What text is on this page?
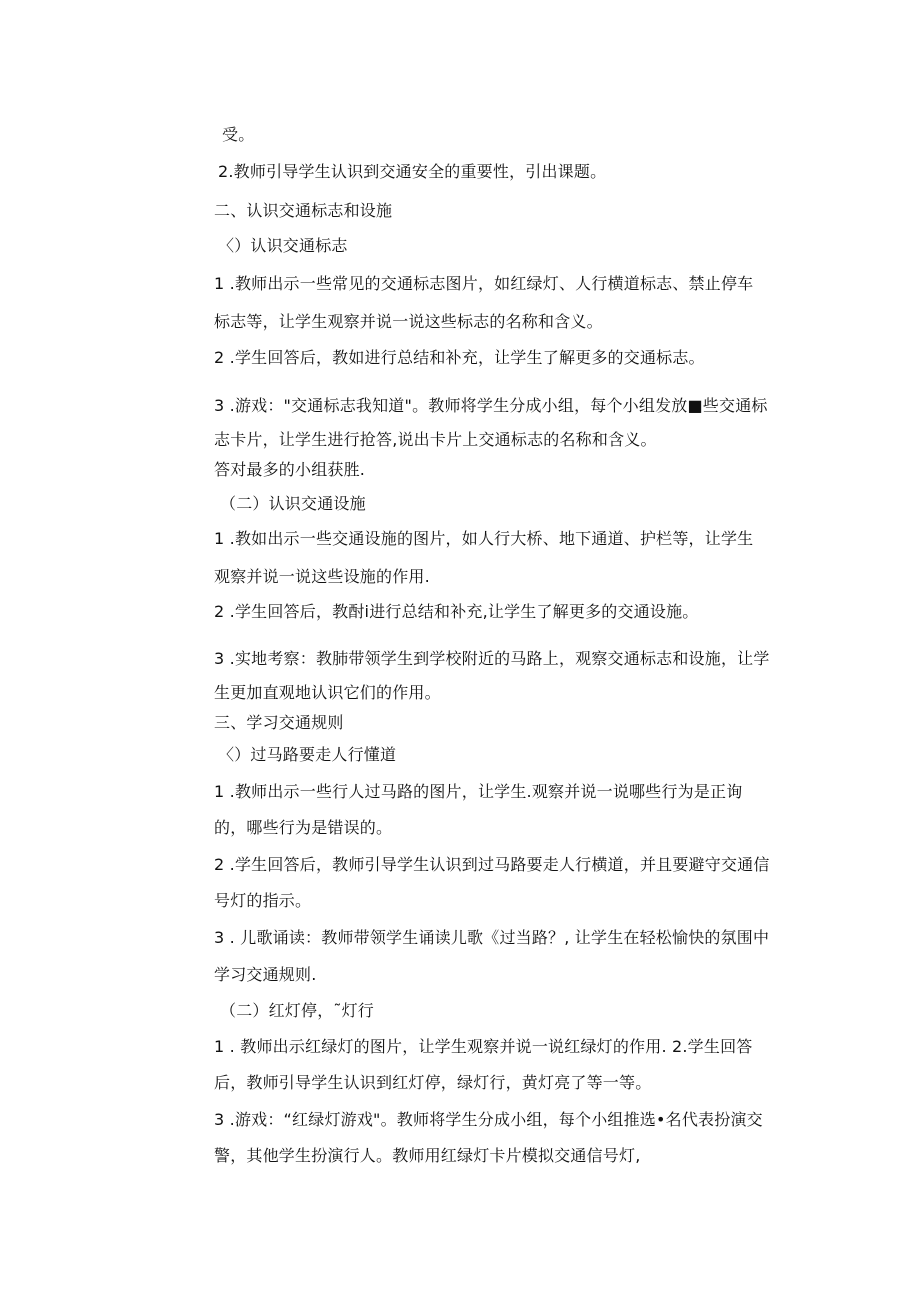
受。
2.教师引导学生认识到交通安全的重要性，引出课题。
二、认识交通标志和设施
〈）认识交通标志
1 .教师出示一些常见的交通标志图片，如红绿灯、人行横道标志、禁止停车
标志等，让学生观察并说一说这些标志的名称和含义。
2 .学生回答后，教如进行总结和补充，让学生了解更多的交通标志。
3 .游戏："交通标志我知道"。教师将学生分成小组，每个小组发放■些交通标
志卡片，让学生进行抢答,说出卡片上交通标志的名称和含义。
答对最多的小组获胜.
（二）认识交通设施
1 .教如出示一些交通设施的图片，如人行大桥、地下通道、护栏等，让学生
观察并说一说这些设施的作用.
2 .学生回答后，教酎i进行总结和补充,让学生了解更多的交通设施。
3 .实地考察：教肺带领学生到学校附近的马路上，观察交通标志和设施，让学
生更加直观地认识它们的作用。
三、学习交通规则
〈）过马路要走人行懂道
1 .教师出示一些行人过马路的图片，让学生.观察并说一说哪些行为是正询
的，哪些行为是错误的。
2 .学生回答后，教师引导学生认识到过马路要走人行横道，并且要避守交通信
号灯的指示。
3 . 儿歌诵读：教师带领学生诵读儿歌《过当路？, 让学生在轻松愉快的氛围中
学习交通规则.
（二）红灯停，˜灯行
1 . 教师出示红绿灯的图片，让学生观察并说一说红绿灯的作用. 2.学生回答
后，教师引导学生认识到红灯停，绿灯行，黄灯亮了等一等。
3 .游戏：“红绿灯游戏"。教师将学生分成小组，每个小组推选•名代表扮演交
警，其他学生扮演行人。教师用红绿灯卡片模拟交通信号灯,
